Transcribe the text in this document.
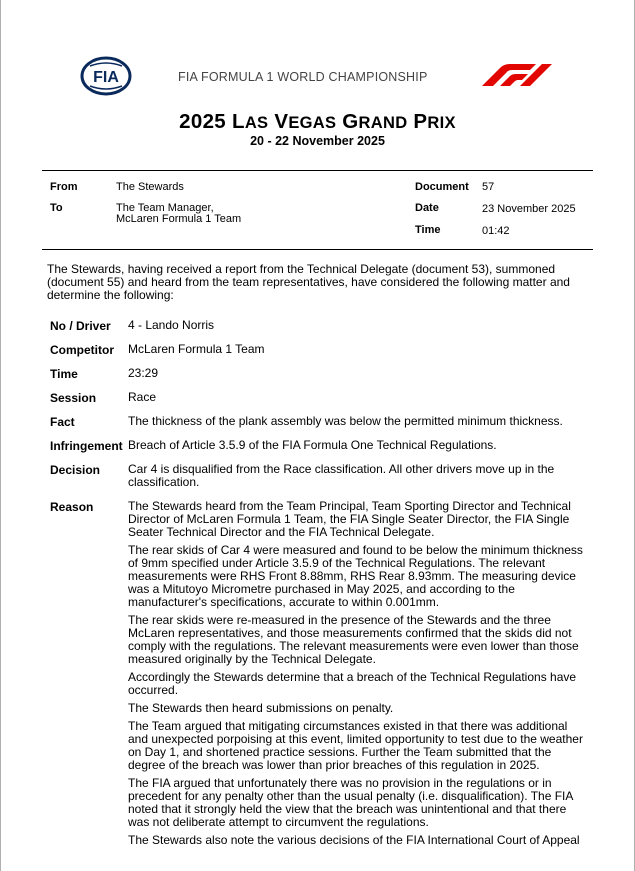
FIA	FIA FORMULA 1 WORLD CHAMPIONSHIP
F1
2025 LAS VEGAS GRAND PRIX
20 - 22 November 2025
From	The Stewards
To	The Team Manager,
McLaren Formula 1 Team
Document 57
Date	23 November 2025
Time	01:42
The Stewards, having received a report from the Technical Delegate (document 53), summoned (document 55) and heard from the team representatives, have considered the following matter and determine the following:
No / Driver 4 - Lando Norris
Competitor McLaren Formula 1 Team
Time	23:29
Session	Race
Fact	The thickness of the plank assembly was below the permitted minimum thickness.
Infringement Breach of Article 3.5.9 of the FIA Formula One Technical Regulations.
Decision Car 4 is disqualified from the Race classification. All other drivers move up in the classification.
Reason	The Stewards heard from the Team Principal, Team Sporting Director and Technical Director of McLaren Formula 1 Team, the FIA Single Seater Director, the FIA Single Seater Technical Director and the FIA Technical Delegate.

The rear skids of Car 4 were measured and found to be below the minimum thickness of 9mm specified under Article 3.5.9 of the Technical Regulations. The relevant measurements were RHS Front 8.88mm, RHS Rear 8.93mm. The measuring device was a Mitutoyo Micrometre purchased in May 2025, and according to the manufacturer's specifications, accurate to within 0.001mm.

The rear skids were re-measured in the presence of the Stewards and the three McLaren representatives, and those measurements confirmed that the skids did not comply with the regulations. The relevant measurements were even lower than those measured originally by the Technical Delegate.

Accordingly the Stewards determine that a breach of the Technical Regulations have occurred.

The Stewards then heard submissions on penalty.

The Team argued that mitigating circumstances existed in that there was additional and unexpected porpoising at this event, limited opportunity to test due to the weather on Day 1, and shortened practice sessions. Further the Team submitted that the degree of the breach was lower than prior breaches of this regulation in 2025.

The FIA argued that unfortunately there was no provision in the regulations or in precedent for any penalty other than the usual penalty (i.e. disqualification). The FIA noted that it strongly held the view that the breach was unintentional and that there was not deliberate attempt to circumvent the regulations.

The Stewards also note the various decisions of the FIA International Court of Appeal
